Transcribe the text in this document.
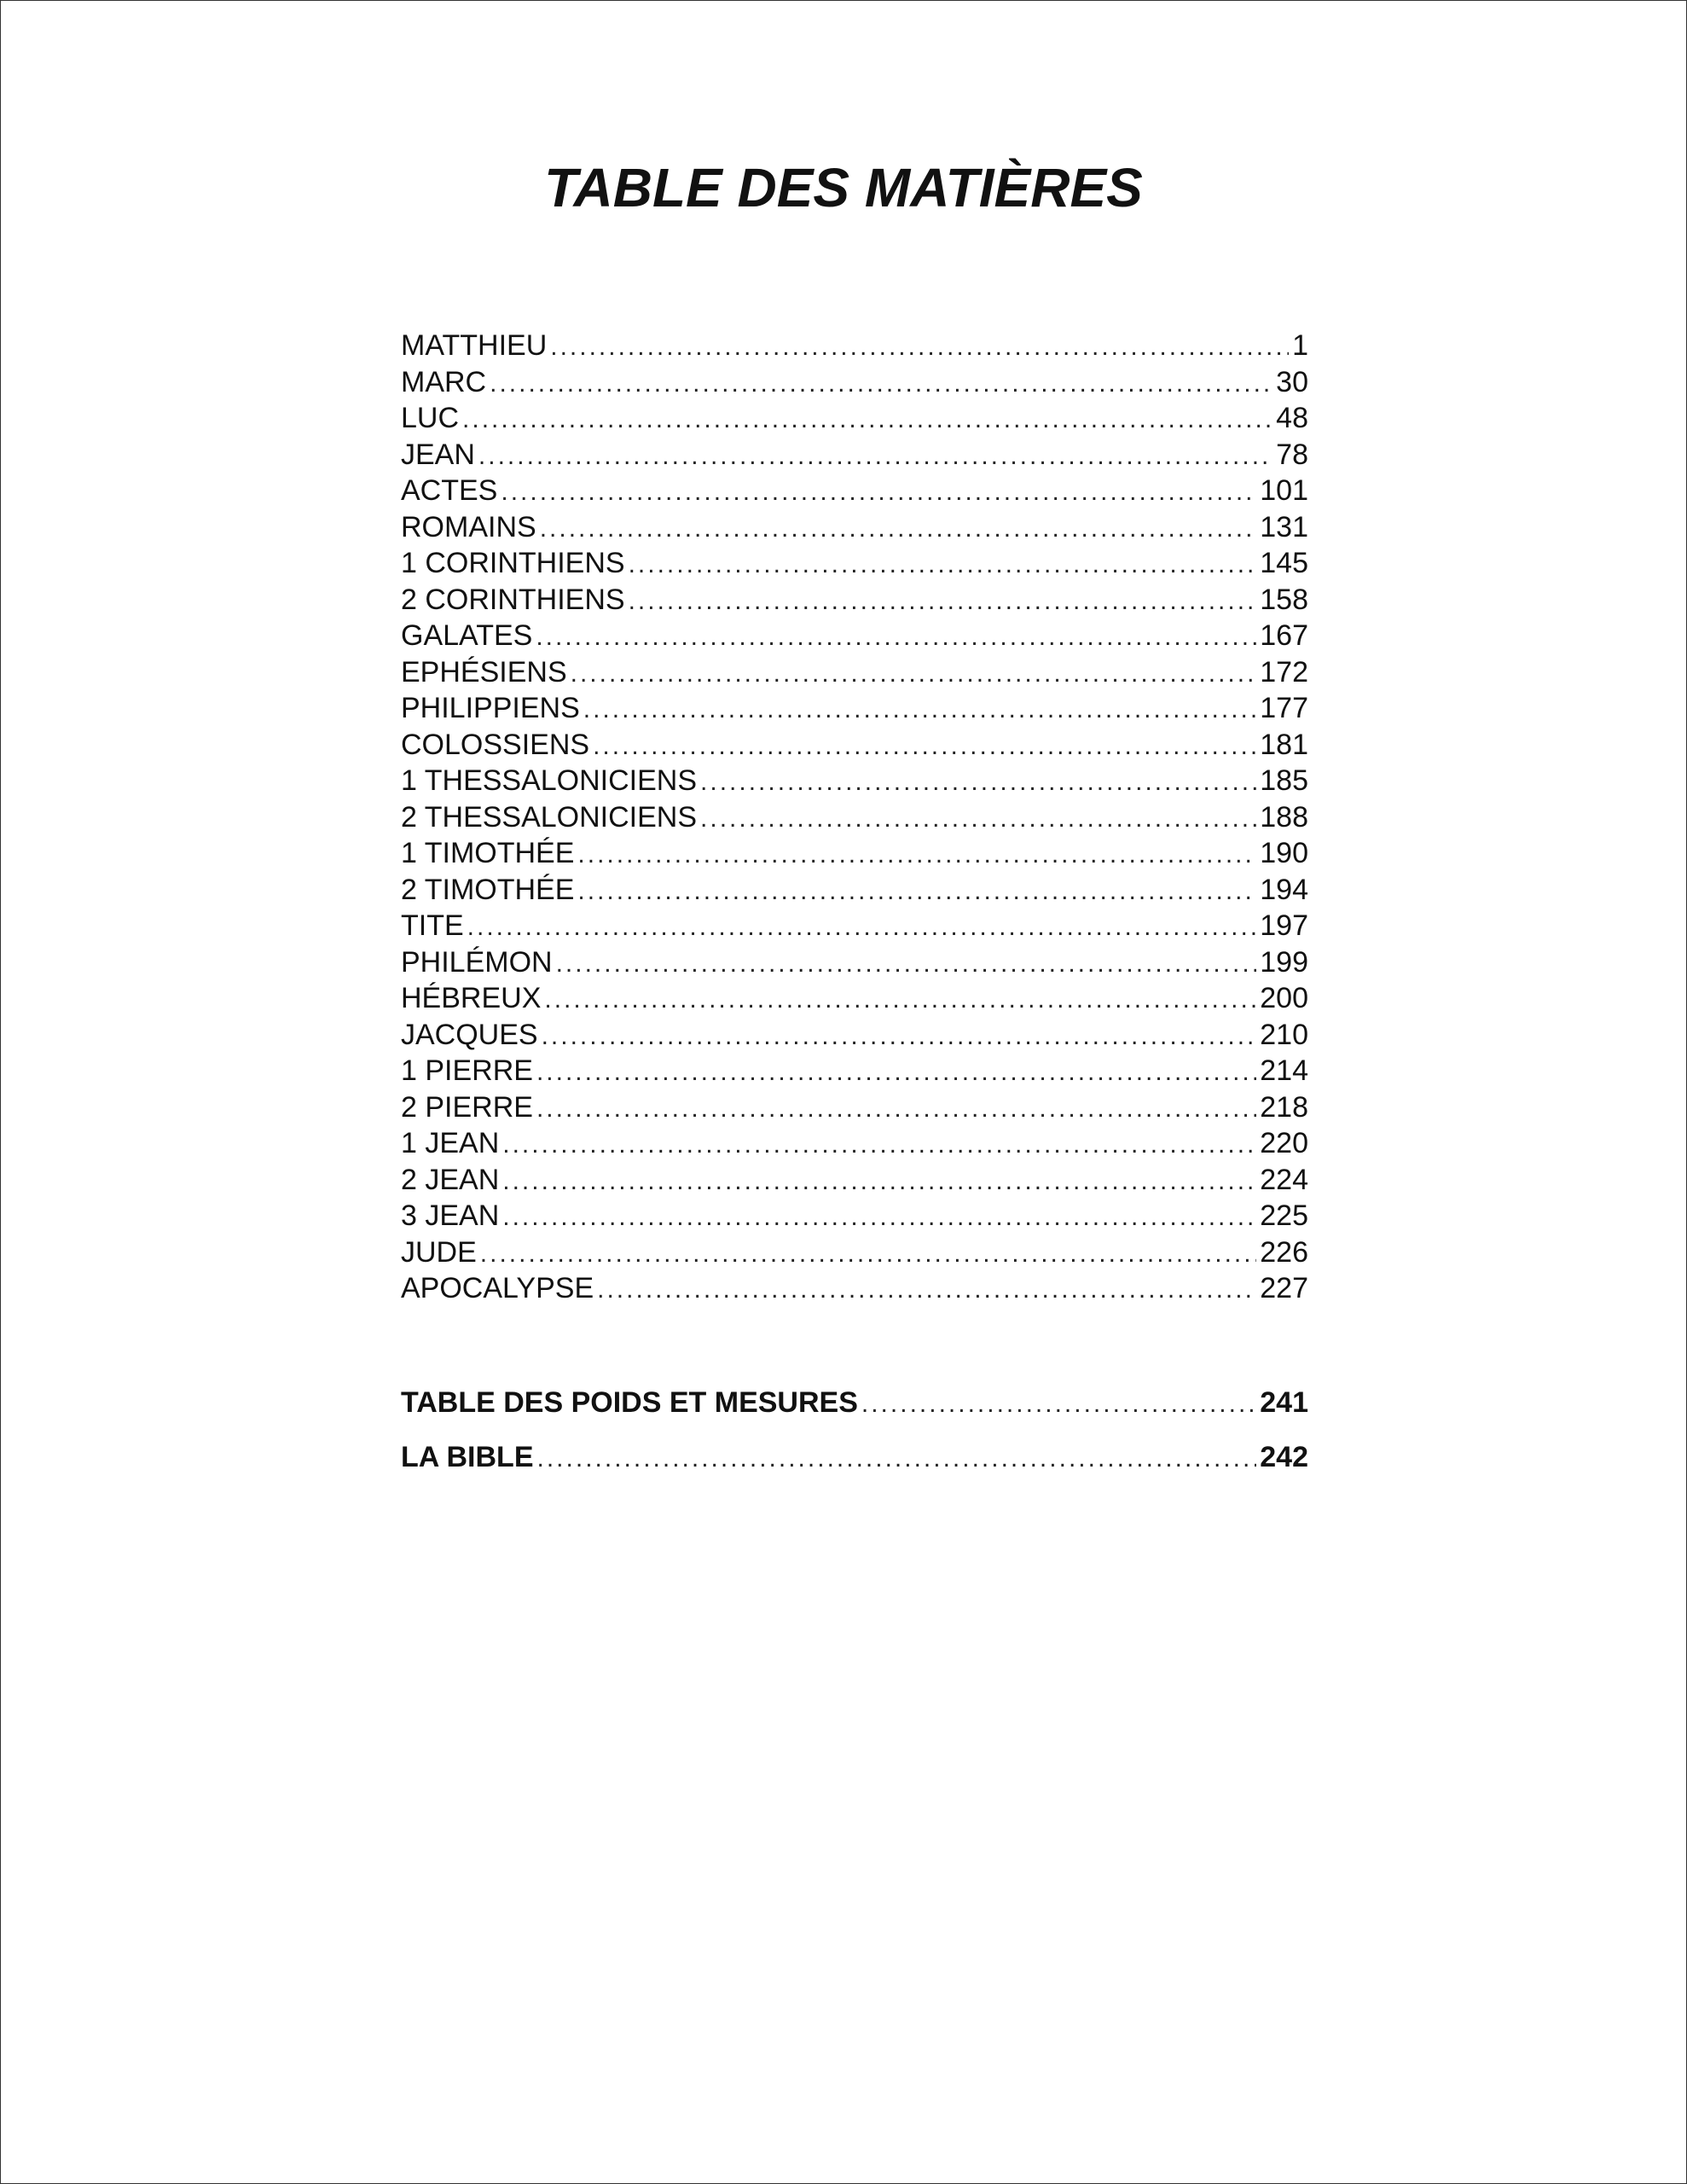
TABLE DES MATIÈRES
MATTHIEU .....	1
MARC .....	30
LUC .....	48
JEAN .....	78
ACTES .....	101
ROMAINS .....	131
1 CORINTHIENS .....	145
2 CORINTHIENS .....	158
GALATES .....	167
EPHÉSIENS .....	172
PHILIPPIENS .....	177
COLOSSIENS .....	181
1 THESSALONICIENS .....	185
2 THESSALONICIENS .....	188
1 TIMOTHÉE .....	190
2 TIMOTHÉE .....	194
TITE .....	197
PHILÉMON .....	199
HÉBREUX .....	200
JACQUES .....	210
1 PIERRE .....	214
2 PIERRE .....	218
1 JEAN .....	220
2 JEAN .....	224
3 JEAN .....	225
JUDE .....	226
APOCALYPSE .....	227
TABLE DES POIDS ET MESURES .....	241
LA BIBLE .....	242
